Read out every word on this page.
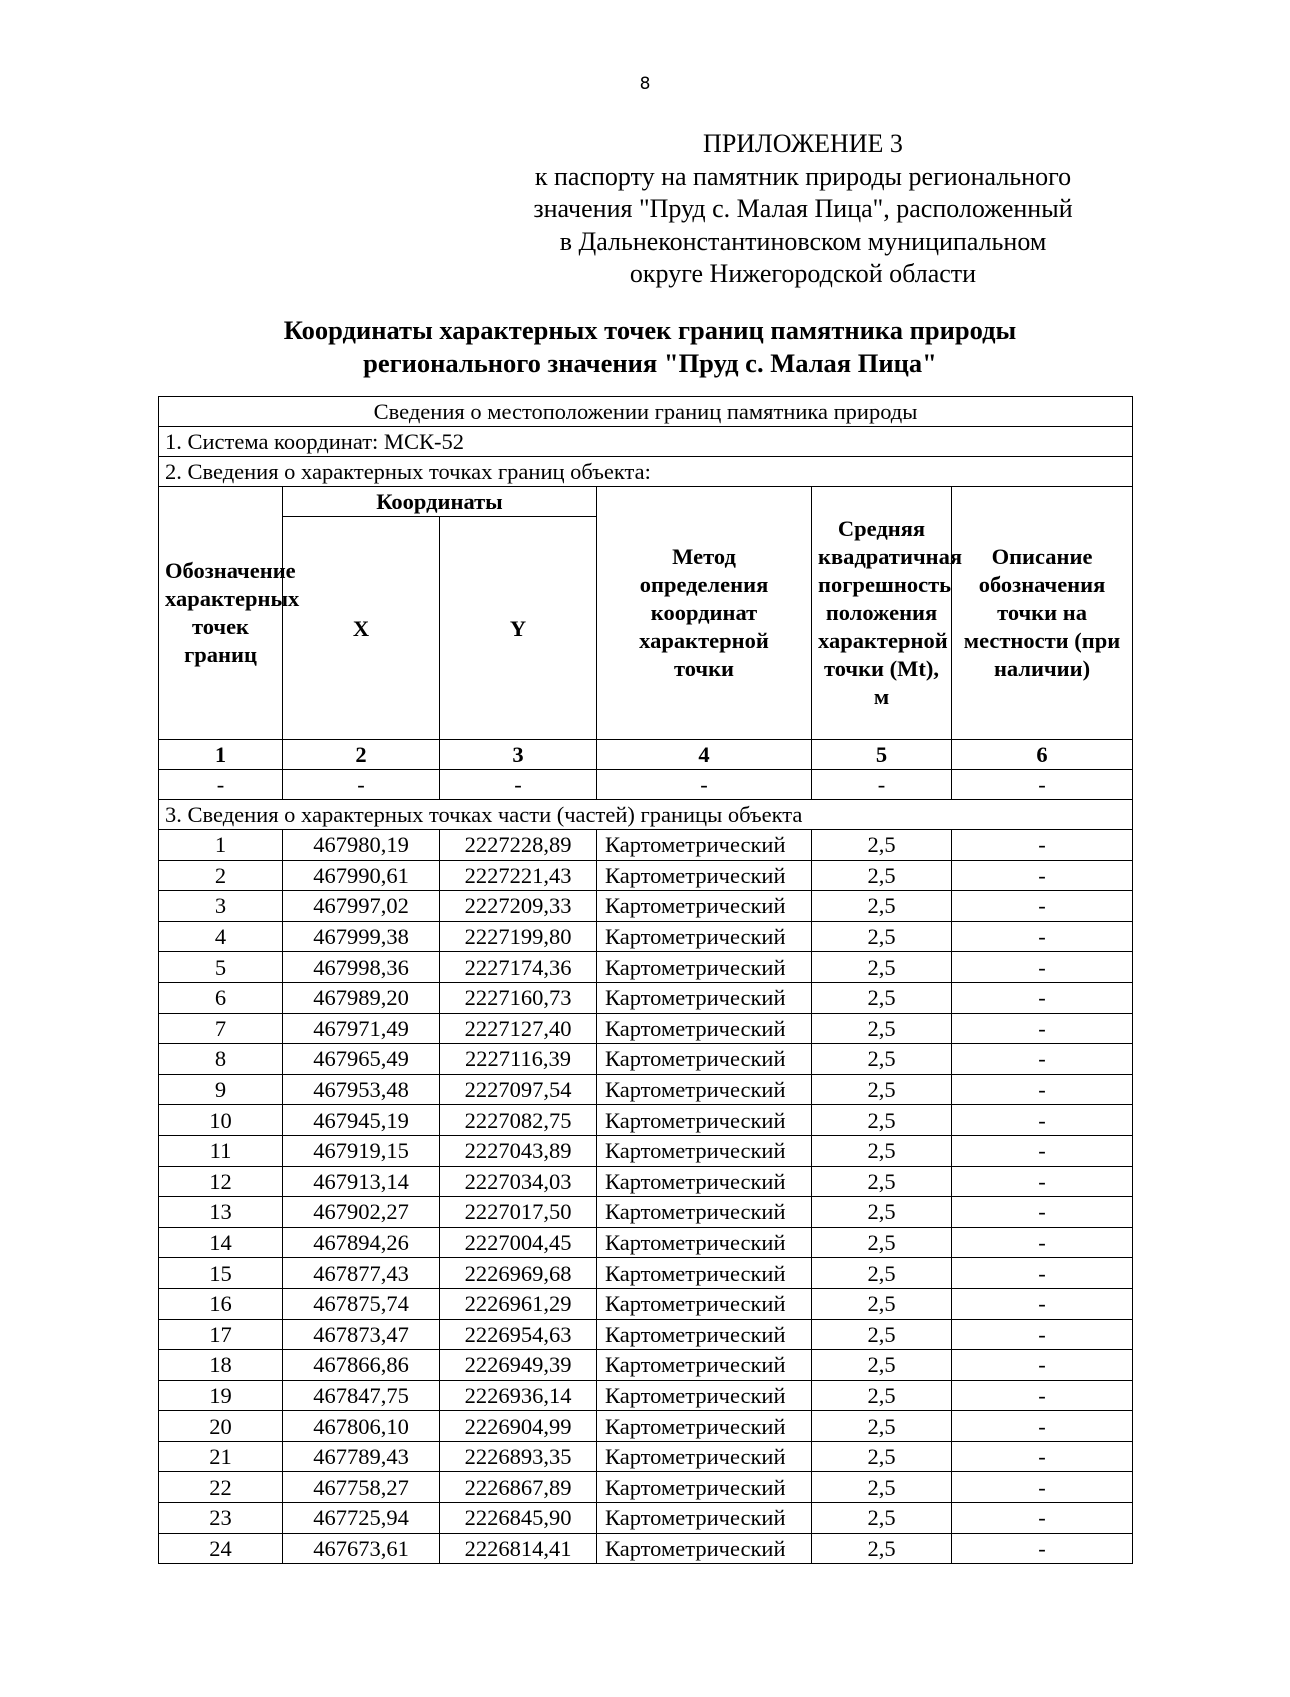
8
ПРИЛОЖЕНИЕ 3
к паспорту на памятник природы регионального
значения "Пруд с. Малая Пица", расположенный
в Дальнеконстантиновском муниципальном
округе Нижегородской области
Координаты характерных точек границ памятника природы
регионального значения "Пруд с. Малая Пица"
Сведения о местоположении границ памятника природы					
1. Система координат: МСК-52					
2. Сведения о характерных точках границ объекта:					
Обозначение характерных точек границ	Координаты		Метод определения координат характерной точки	Средняя квадратичная погрешность положения характерной точки (Mt), м	Описание обозначения точки на местности (при наличии)
	X	Y			
1	2	3	4	5	6
-	-	-	-	-	-
3. Сведения о характерных точках части (частей) границы объекта					
1	467980,19	2227228,89	Картометрический	2,5	-
2	467990,61	2227221,43	Картометрический	2,5	-
3	467997,02	2227209,33	Картометрический	2,5	-
4	467999,38	2227199,80	Картометрический	2,5	-
5	467998,36	2227174,36	Картометрический	2,5	-
6	467989,20	2227160,73	Картометрический	2,5	-
7	467971,49	2227127,40	Картометрический	2,5	-
8	467965,49	2227116,39	Картометрический	2,5	-
9	467953,48	2227097,54	Картометрический	2,5	-
10	467945,19	2227082,75	Картометрический	2,5	-
11	467919,15	2227043,89	Картометрический	2,5	-
12	467913,14	2227034,03	Картометрический	2,5	-
13	467902,27	2227017,50	Картометрический	2,5	-
14	467894,26	2227004,45	Картометрический	2,5	-
15	467877,43	2226969,68	Картометрический	2,5	-
16	467875,74	2226961,29	Картометрический	2,5	-
17	467873,47	2226954,63	Картометрический	2,5	-
18	467866,86	2226949,39	Картометрический	2,5	-
19	467847,75	2226936,14	Картометрический	2,5	-
20	467806,10	2226904,99	Картометрический	2,5	-
21	467789,43	2226893,35	Картометрический	2,5	-
22	467758,27	2226867,89	Картометрический	2,5	-
23	467725,94	2226845,90	Картометрический	2,5	-
24	467673,61	2226814,41	Картометрический	2,5	-
